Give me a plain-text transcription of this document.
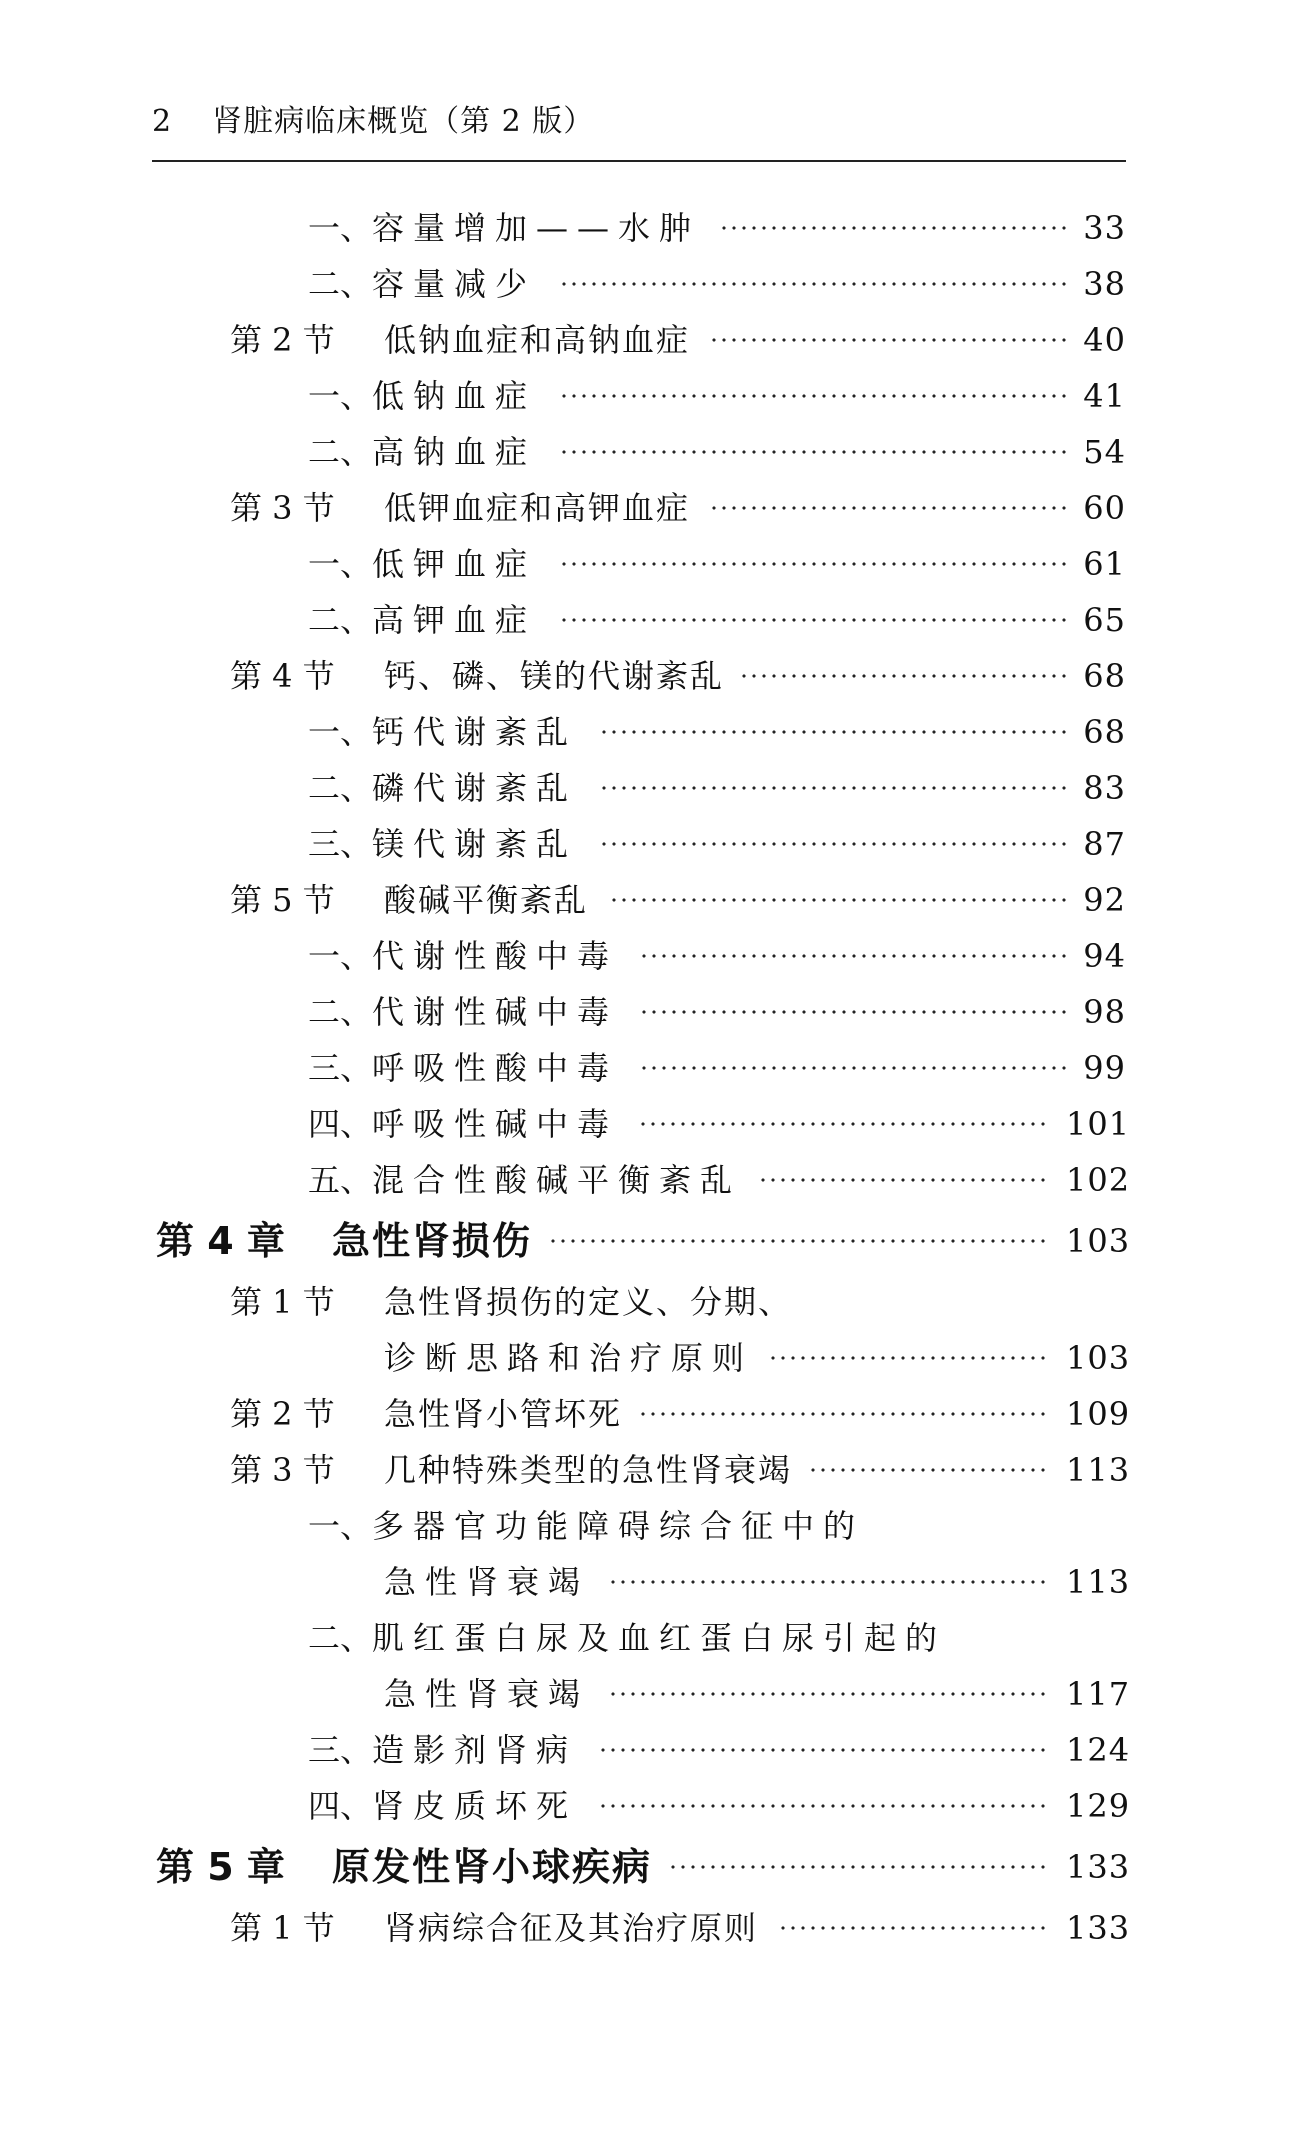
2 肾脏病临床概览（第 2 版）
一、 容量增加——水肿	33
二、 容量减少	38
第 2 节	低钠血症和高钠血症	40
一、 低钠血症	41
二、 高钠血症	54
第 3 节	低钾血症和高钾血症	60
一、 低钾血症	61
二、 高钾血症	65
第 4 节	钙、磷、镁的代谢紊乱	68
一、 钙代谢紊乱	68
二、 磷代谢紊乱	83
三、 镁代谢紊乱	87
第 5 节	酸碱平衡紊乱	92
一、 代谢性酸中毒	94
二、 代谢性碱中毒	98
三、 呼吸性酸中毒	99
四、 呼吸性碱中毒	101
五、 混合性酸碱平衡紊乱	102
第 4 章	急性肾损伤	103
第 1 节	急性肾损伤的定义、分期、
诊断思路和治疗原则	103
第 2 节	急性肾小管坏死	109
第 3 节	几种特殊类型的急性肾衰竭	113
一、 多器官功能障碍综合征中的
急性肾衰竭	113
二、 肌红蛋白尿及血红蛋白尿引起的
急性肾衰竭	117
三、 造影剂肾病	124
四、 肾皮质坏死	129
第 5 章	原发性肾小球疾病	133
第 1 节	肾病综合征及其治疗原则	133
